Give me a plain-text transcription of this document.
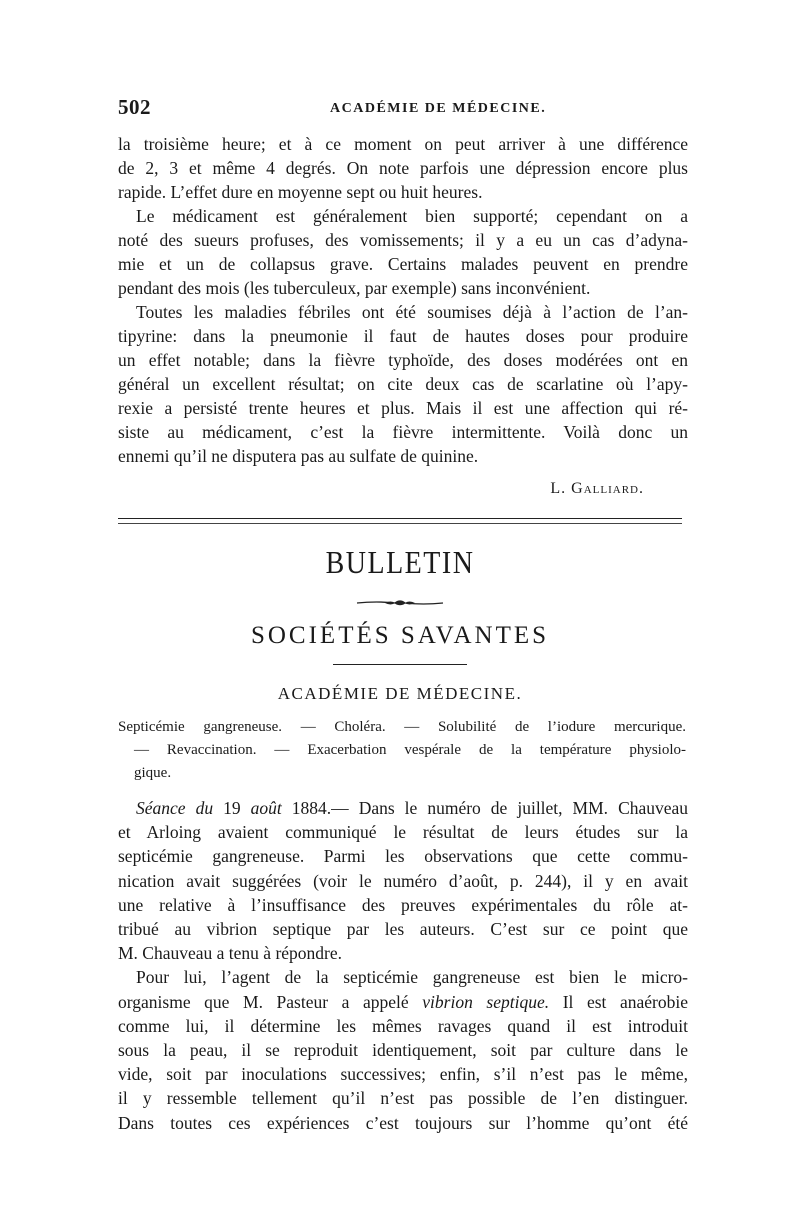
502	ACADÉMIE DE MÉDECINE.

la troisième heure; et à ce moment on peut arriver à une différence
de 2, 3 et même 4 degrés. On note parfois une dépression encore plus
rapide. L’effet dure en moyenne sept ou huit heures.

Le médicament est généralement bien supporté; cependant on a
noté des sueurs profuses, des vomissements; il y a eu un cas d’adyna-
mie et un de collapsus grave. Certains malades peuvent en prendre
pendant des mois (les tuberculeux, par exemple) sans inconvénient.

Toutes les maladies fébriles ont été soumises déjà à l’action de l’an-
tipyrine: dans la pneumonie il faut de hautes doses pour produire
un effet notable; dans la fièvre typhoïde, des doses modérées ont en
général un excellent résultat; on cite deux cas de scarlatine où l’apy-
rexie a persisté trente heures et plus. Mais il est une affection qui ré-
siste au médicament, c’est la fièvre intermittente. Voilà donc un
ennemi qu’il ne disputera pas au sulfate de quinine.

L. Galliard.
BULLETIN
SOCIÉTÉS SAVANTES
ACADÉMIE DE MÉDECINE.
Septicémie gangreneuse. — Choléra. — Solubilité de l’iodure mercurique.
— Revaccination. — Exacerbation vespérale de la température physiolo-
gique.

Séance du 19 août 1884.— Dans le numéro de juillet, MM. Chauveau
et Arloing avaient communiqué le résultat de leurs études sur la
septicémie gangreneuse. Parmi les observations que cette commu-
nication avait suggérées (voir le numéro d’août, p. 244), il y en avait
une relative à l’insuffisance des preuves expérimentales du rôle at-
tribué au vibrion septique par les auteurs. C’est sur ce point que
M. Chauveau a tenu à répondre.

Pour lui, l’agent de la septicémie gangreneuse est bien le micro-
organisme que M. Pasteur a appelé vibrion septique. Il est anaérobie
comme lui, il détermine les mêmes ravages quand il est introduit
sous la peau, il se reproduit identiquement, soit par culture dans le
vide, soit par inoculations successives; enfin, s’il n’est pas le même,
il y ressemble tellement qu’il n’est pas possible de l’en distinguer.
Dans toutes ces expériences c’est toujours sur l’homme qu’ont été
